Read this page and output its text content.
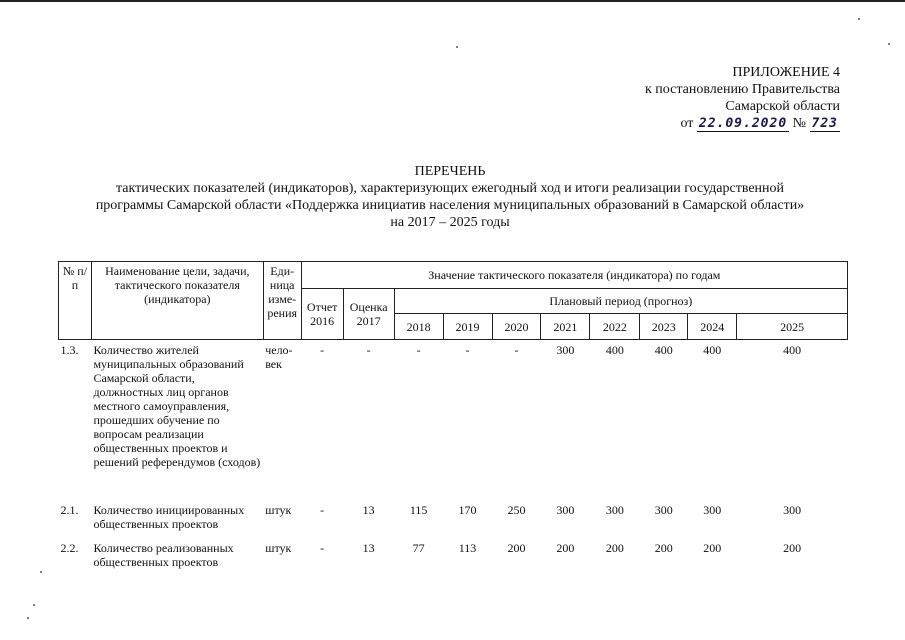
ПРИЛОЖЕНИЕ 4
к постановлению Правительства
Самарской области
от 22.09.2020 № 723
ПЕРЕЧЕНЬ
тактических показателей (индикаторов), характеризующих ежегодный ход и итоги реализации государственной
программы Самарской области «Поддержка инициатив населения муниципальных образований в Самарской области»
на 2017 – 2025 годы
№ п/п	Наименование цели, задачи, тактического показателя (индикатора)	Еди-ница изме-рения	Значение тактического показателя (индикатора) по годам									
			Отчет 2016	Оценка 2017	Плановый период (прогноз)							
					2018	2019	2020	2021	2022	2023	2024	2025
1.3.	Количество жителей муниципальных образований Самарской области, должностных лиц органов местного самоуправления, прошедших обучение по вопросам реализации общественных проектов и решений референдумов (сходов)	чело-век	-	-	-	-	-	300	400	400	400	400
2.1.	Количество инициированных общественных проектов	штук	-	13	115	170	250	300	300	300	300	300
2.2.	Количество реализованных общественных проектов	штук	-	13	77	113	200	200	200	200	200	200
